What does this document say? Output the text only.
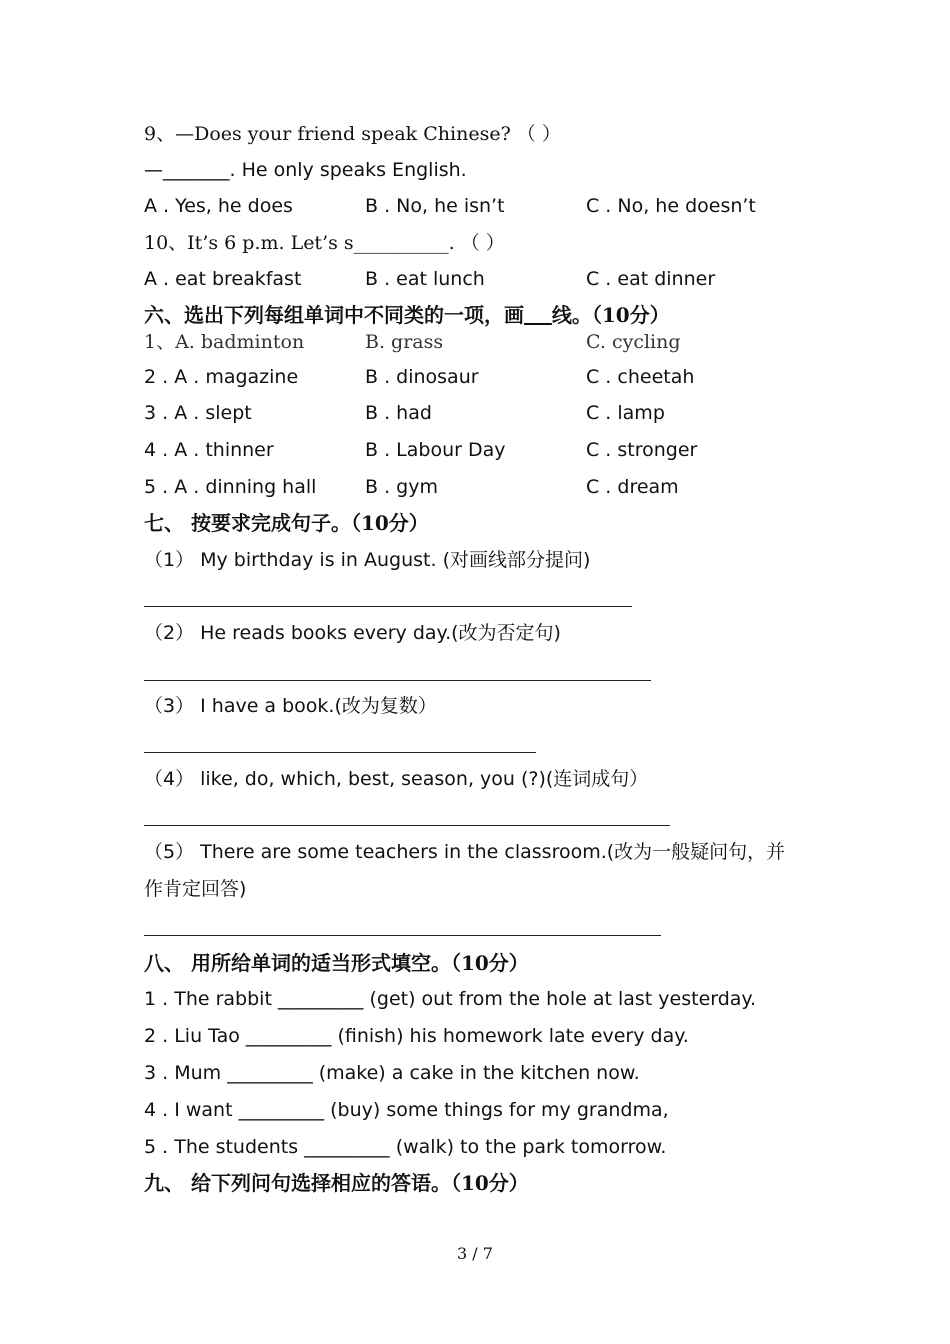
9、—Does your friend speak Chinese? （ ）
—_______. He only speaks English.
A . Yes, he does	B . No, he isn’t	C . No, he doesn’t
10、It’s 6 p.m. Let’s s__________. （ ）
A . eat breakfast	B . eat lunch	C . eat dinner
六、选出下列每组单词中不同类的一项，画 线。（10分）
1、A. badminton	B. grass	C. cycling
2 . A . magazine	B . dinosaur	C . cheetah
3 . A . slept	B . had	C . lamp
4 . A . thinner	B . Labour Day	C . stronger
5 . A . dinning hall	B . gym	C . dream
七、 按要求完成句子。（10分）
（1） My birthday is in August. (对画线部分提问)
（2） He reads books every day.(改为否定句)
（3） I have a book.(改为复数）
（4） like, do, which, best, season, you (?)(连词成句）
（5） There are some teachers in the classroom.(改为一般疑问句，并
作肯定回答)
八、 用所给单词的适当形式填空。（10分）
1 . The rabbit _________ (get) out from the hole at last yesterday.
2 . Liu Tao _________ (finish) his homework late every day.
3 . Mum _________ (make) a cake in the kitchen now.
4 . I want _________ (buy) some things for my grandma,
5 . The students _________ (walk) to the park tomorrow.
九、 给下列问句选择相应的答语。（10分）
3 / 7
